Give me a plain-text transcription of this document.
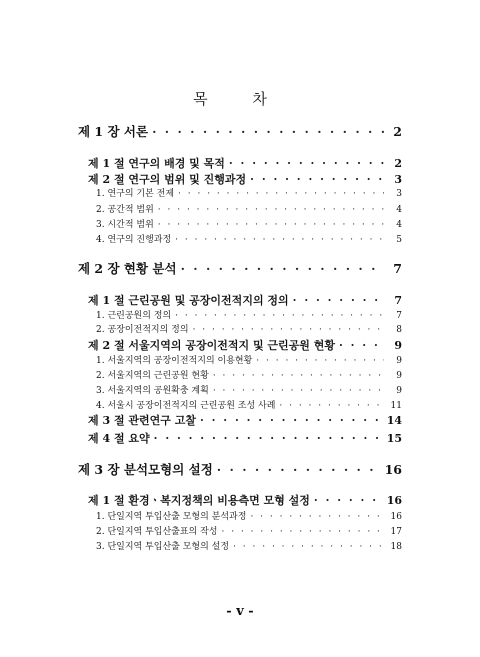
목 차
제 1 장 서론 · · ·	2
제 1 절 연구의 배경 및 목적 · · ·	2
제 2 절 연구의 범위 및 진행과정 · · ·	3
1. 연구의 기본 전제 · · ·	3
2. 공간적 범위 · · ·	4
3. 시간적 범위 · · ·	4
4. 연구의 진행과정 · · ·	5
제 2 장 현황 분석 · · ·	7
제 1 절 근린공원 및 공장이전적지의 정의 · · ·	7
1. 근린공원의 정의 · · ·	7
2. 공장이전적지의 정의 · · ·	8
제 2 절 서울지역의 공장이전적지 및 근린공원 현황 · · ·	9
1. 서울지역의 공장이전적지의 이용현황 · · ·	9
2. 서울지역의 근린공원 현황 · · ·	9
3. 서울지역의 공원확충 계획 · · ·	9
4. 서울시 공장이전적지의 근린공원 조성 사례 · · ·	11
제 3 절 관련연구 고찰 · · ·	14
제 4 절 요약 · · ·	15
제 3 장 분석모형의 설정 · · ·	16
제 1 절 환경ㆍ복지정책의 비용측면 모형 설정 · · ·	16
1. 단일지역 투입산출 모형의 분석과정 · · ·	16
2. 단일지역 투입산출표의 작성 · · ·	17
3. 단일지역 투입산출 모형의 설정 · · ·	18
- v -
